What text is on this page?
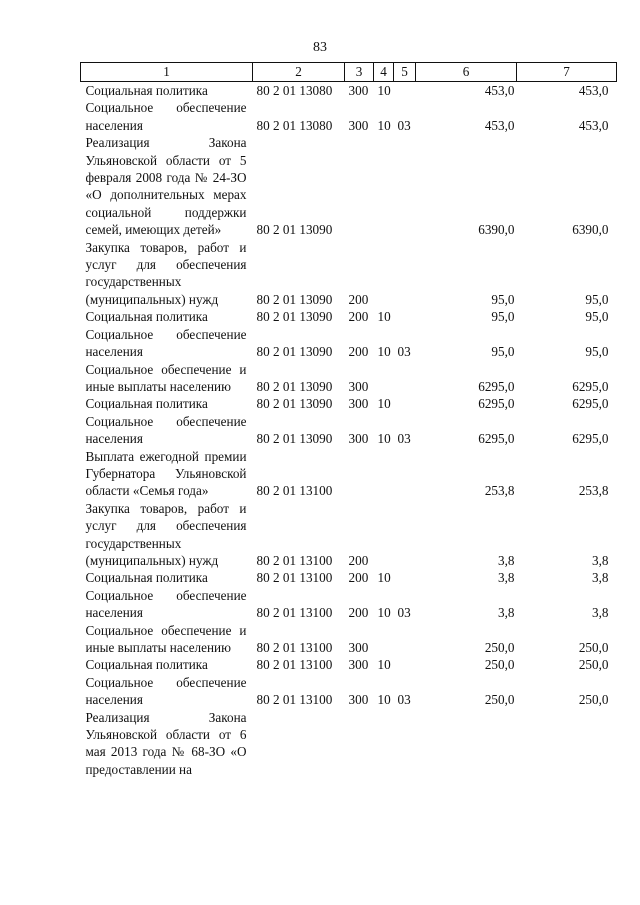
83
1	2	3	4	5	6	7
Социальная политика	80 2 01 13080	300	10		453,0	453,0
Социальное обеспечение населения	80 2 01 13080	300	10	03	453,0	453,0
Реализация Закона Ульяновской области от 5 февраля 2008 года № 24-ЗО «О дополнительных мерах социальной поддержки семей, имеющих детей»	80 2 01 13090				6390,0	6390,0
Закупка товаров, работ и услуг для обеспечения государственных (муниципальных) нужд	80 2 01 13090	200			95,0	95,0
Социальная политика	80 2 01 13090	200	10		95,0	95,0
Социальное обеспечение населения	80 2 01 13090	200	10	03	95,0	95,0
Социальное обеспечение и иные выплаты населению	80 2 01 13090	300			6295,0	6295,0
Социальная политика	80 2 01 13090	300	10		6295,0	6295,0
Социальное обеспечение населения	80 2 01 13090	300	10	03	6295,0	6295,0
Выплата ежегодной премии Губернатора Ульяновской области «Семья года»	80 2 01 13100				253,8	253,8
Закупка товаров, работ и услуг для обеспечения государственных (муниципальных) нужд	80 2 01 13100	200			3,8	3,8
Социальная политика	80 2 01 13100	200	10		3,8	3,8
Социальное обеспечение населения	80 2 01 13100	200	10	03	3,8	3,8
Социальное обеспечение и иные выплаты населению	80 2 01 13100	300			250,0	250,0
Социальная политика	80 2 01 13100	300	10		250,0	250,0
Социальное обеспечение населения	80 2 01 13100	300	10	03	250,0	250,0
Реализация Закона Ульяновской области от 6 мая 2013 года № 68-ЗО «О предоставлении на						
